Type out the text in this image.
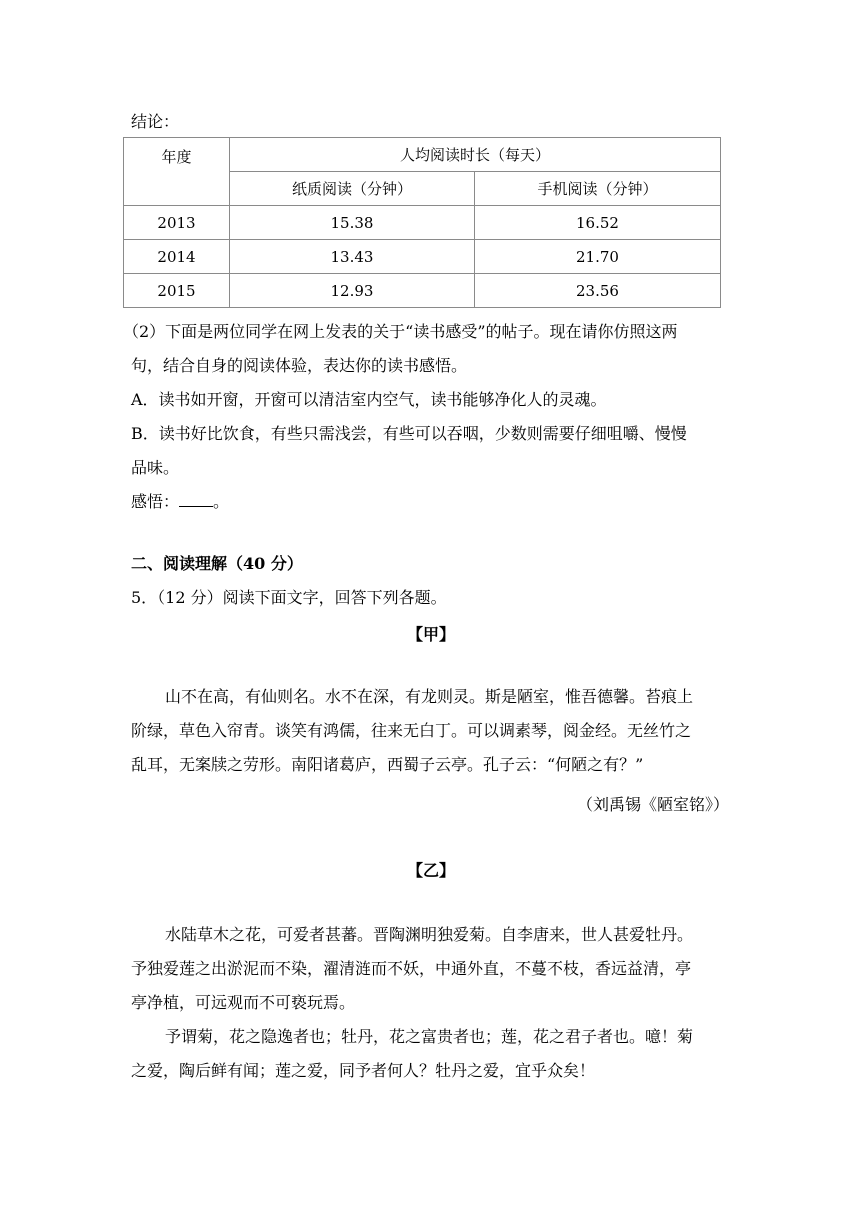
结论：
年度	人均阅读时长（每天）	
	纸质阅读（分钟）	手机阅读（分钟）
2013	15.38	16.52
2014	13.43	21.70
2015	12.93	23.56
（2）下面是两位同学在网上发表的关于“读书感受”的帖子。现在请你仿照这两
句，结合自身的阅读体验，表达你的读书感悟。
A．读书如开窗，开窗可以清洁室内空气，读书能够净化人的灵魂。
B．读书好比饮食，有些只需浅尝，有些可以吞咽，少数则需要仔细咀嚼、慢慢
品味。
感悟： 。
二、阅读理解（40 分）
5．（12 分）阅读下面文字，回答下列各题。
【甲】
山不在高，有仙则名。水不在深，有龙则灵。斯是陋室，惟吾德馨。苔痕上
阶绿，草色入帘青。谈笑有鸿儒，往来无白丁。可以调素琴，阅金经。无丝竹之
乱耳，无案牍之劳形。南阳诸葛庐，西蜀子云亭。孔子云：“何陋之有？”
（刘禹锡《陋室铭》）
【乙】
水陆草木之花，可爱者甚蕃。晋陶渊明独爱菊。自李唐来，世人甚爱牡丹。
予独爱莲之出淤泥而不染，濯清涟而不妖，中通外直，不蔓不枝，香远益清，亭
亭净植，可远观而不可亵玩焉。
予谓菊，花之隐逸者也；牡丹，花之富贵者也；莲，花之君子者也。噫！菊
之爱，陶后鲜有闻；莲之爱，同予者何人？牡丹之爱，宜乎众矣！
